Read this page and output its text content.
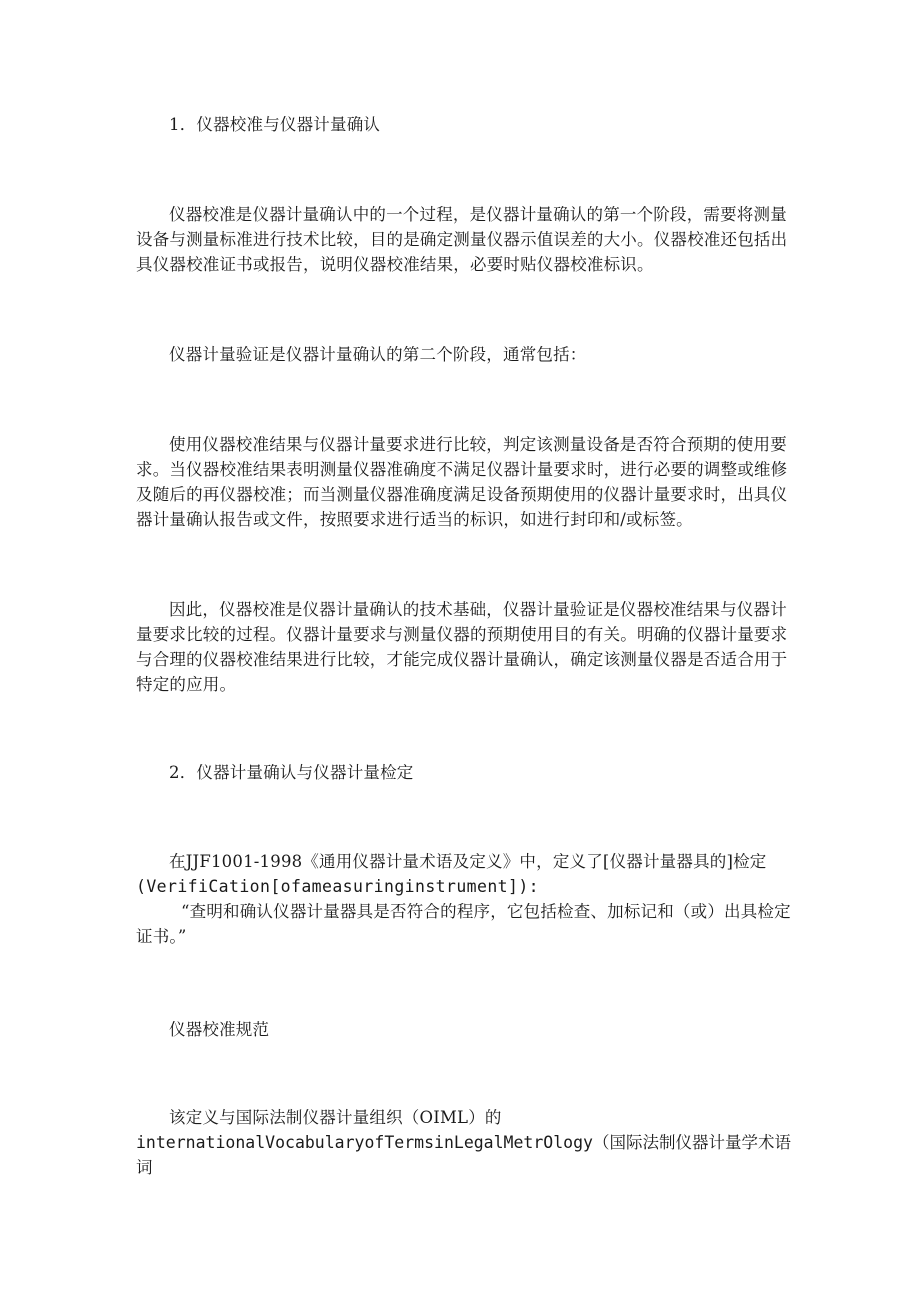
1．仪器校准与仪器计量确认

仪器校准是仪器计量确认中的一个过程，是仪器计量确认的第一个阶段，需要将测量设备与测量标准进行技术比较，目的是确定测量仪器示值误差的大小。仪器校准还包括出具仪器校准证书或报告，说明仪器校准结果，必要时贴仪器校准标识。

仪器计量验证是仪器计量确认的第二个阶段，通常包括：

使用仪器校准结果与仪器计量要求进行比较，判定该测量设备是否符合预期的使用要求。当仪器校准结果表明测量仪器准确度不满足仪器计量要求时，进行必要的调整或维修及随后的再仪器校准；而当测量仪器准确度满足设备预期使用的仪器计量要求时，出具仪器计量确认报告或文件，按照要求进行适当的标识，如进行封印和/或标签。

因此，仪器校准是仪器计量确认的技术基础，仪器计量验证是仪器校准结果与仪器计量要求比较的过程。仪器计量要求与测量仪器的预期使用目的有关。明确的仪器计量要求与合理的仪器校准结果进行比较，才能完成仪器计量确认，确定该测量仪器是否适合用于特定的应用。

2．仪器计量确认与仪器计量检定

在JJF1001-1998《通用仪器计量术语及定义》中，定义了[仪器计量器具的]检定
(VerifiCation[ofameasuringinstrument]):
“查明和确认仪器计量器具是否符合的程序，它包括检查、加标记和（或）出具检定证书。”

仪器校准规范

该定义与国际法制仪器计量组织（OIML）的
internationalVocabularyofTermsinLegalMetrOlogy（国际法制仪器计量学术语词
